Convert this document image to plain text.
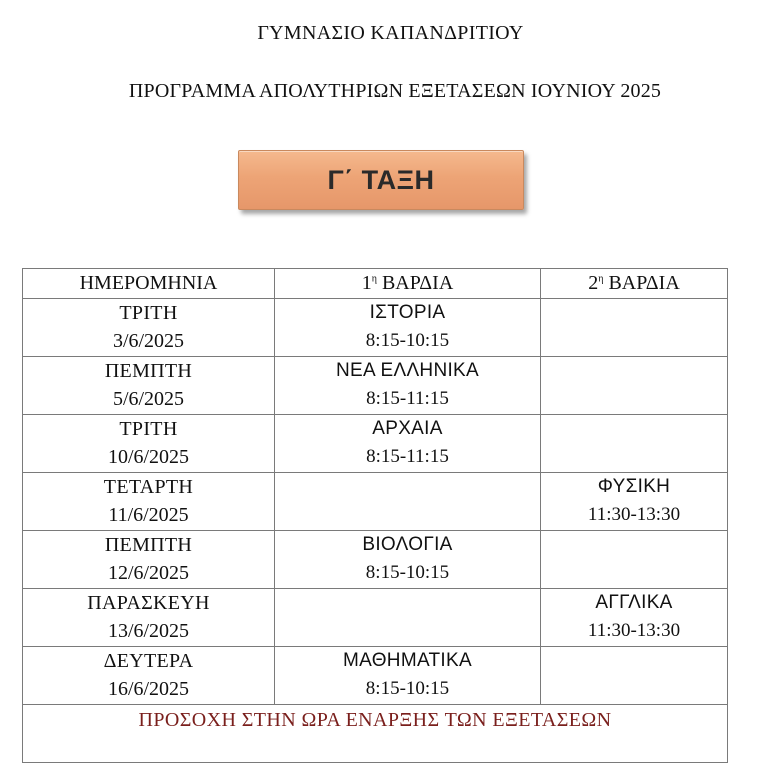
ΓΥΜΝΑΣΙΟ ΚΑΠΑΝΔΡΙΤΙΟΥ
ΠΡΟΓΡΑΜΜΑ ΑΠΟΛΥΤΗΡΙΩΝ ΕΞΕΤΑΣΕΩΝ ΙΟΥΝΙΟΥ 2025
Γ΄ ΤΑΞΗ
ΗΜΕΡΟΜΗΝΙΑ	$1^\eta$ ΒΑΡΔΙΑ	$2^\eta$ ΒΑΡΔΙΑ

ΤΡΙΤΗ
3/6/2025	ΙΣΤΟΡΙΑ
8:15-10:15	

ΠΕΜΠΤΗ
5/6/2025	ΝΕΑ ΕΛΛΗΝΙΚΑ
8:15-11:15	

ΤΡΙΤΗ
10/6/2025	ΑΡΧΑΙΑ
8:15-11:15	

ΤΕΤΑΡΤΗ
11/6/2025		ΦΥΣΙΚΗ
11:30-13:30

ΠΕΜΠΤΗ
12/6/2025	ΒΙΟΛΟΓΙΑ
8:15-10:15	

ΠΑΡΑΣΚΕΥΗ
13/6/2025		ΑΓΓΛΙΚΑ
11:30-13:30

ΔΕΥΤΕΡΑ
16/6/2025	ΜΑΘΗΜΑΤΙΚΑ
8:15-10:15	

ΠΡΟΣΟΧΗ ΣΤΗΝ ΩΡΑ ΕΝΑΡΞΗΣ ΤΩΝ ΕΞΕΤΑΣΕΩΝ		
